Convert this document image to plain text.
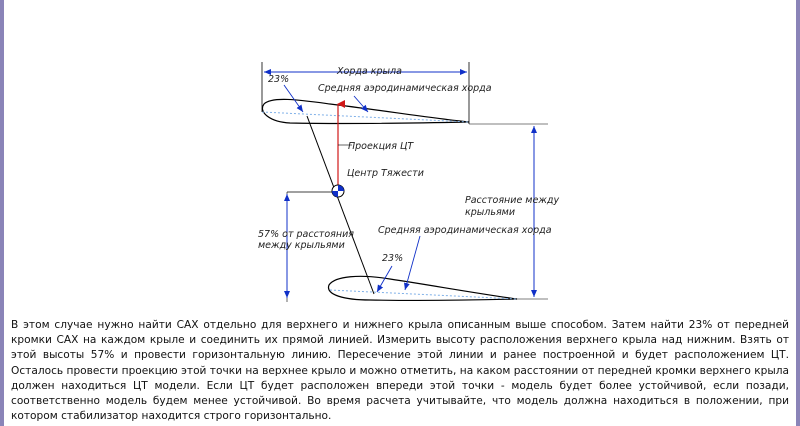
Хорда крыла
23%
Средняя аэродинамическая хорда
Проекция ЦТ
Центр Тяжести
Расстояние между
крыльями
57% от расстояния
между крыльями
Средняя аэродинамическая хорда
23%

В этом случае нужно найти САХ отдельно для верхнего и нижнего крыла описанным выше способом. Затем найти 23% от передней кромки САХ на каждом крыле и соединить их прямой линией. Измерить высоту расположения верхнего крыла над нижним. Взять от этой высоты 57% и провести горизонтальную линию. Пересечение этой линии и ранее построенной и будет расположением ЦТ. Осталось провести проекцию этой точки на верхнее крыло и можно отметить, на каком расстоянии от передней кромки верхнего крыла должен находиться ЦТ модели. Если ЦТ будет расположен впереди этой точки - модель будет более устойчивой, если позади, соответственно модель будем менее устойчивой. Во время расчета учитывайте, что модель должна находиться в положении, при котором стабилизатор находится строго горизонтально.
